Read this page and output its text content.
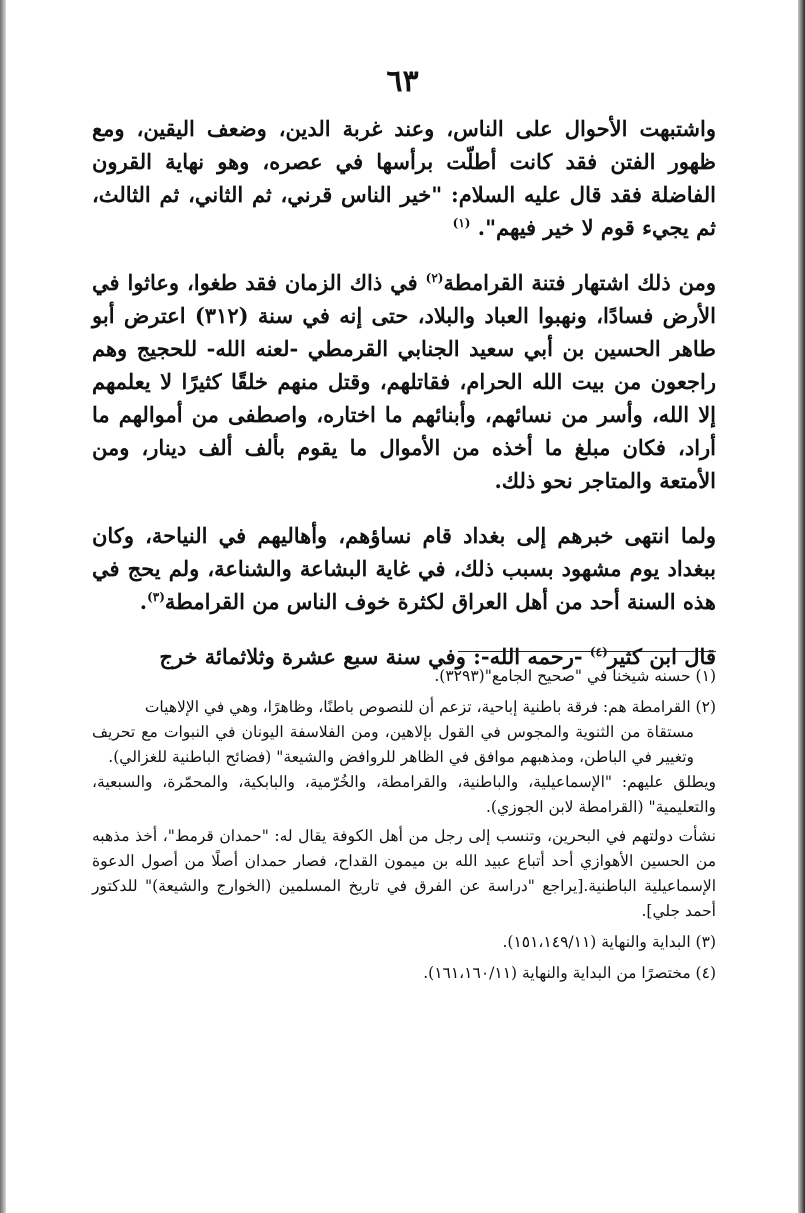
٦٣

واشتبهت الأحوال على الناس، وعند غربة الدين، وضعف اليقين، ومع ظهور الفتن فقد كانت أطلّت برأسها في عصره، وهو نهاية القرون الفاضلة فقد قال عليه السلام: "خير الناس قرني، ثم الثاني، ثم الثالث، ثم يجيء قوم لا خير فيهم". $^{(١)}$

ومن ذلك اشتهار فتنة القرامطة$^{(٢)}$ في ذاك الزمان فقد طغوا، وعاثوا في الأرض فسادًا، ونهبوا العباد والبلاد، حتى إنه في سنة (٣١٢) اعترض أبو طاهر الحسين بن أبي سعيد الجنابي القرمطي -لعنه الله- للحجيج وهم راجعون من بيت الله الحرام، فقاتلهم، وقتل منهم خلقًا كثيرًا لا يعلمهم إلا الله، وأسر من نسائهم، وأبنائهم ما اختاره، واصطفى من أموالهم ما أراد، فكان مبلغ ما أخذه من الأموال ما يقوم بألف ألف دينار، ومن الأمتعة والمتاجر نحو ذلك.

ولما انتهى خبرهم إلى بغداد قام نساؤهم، وأهاليهم في النياحة، وكان ببغداد يوم مشهود بسبب ذلك، في غاية البشاعة والشناعة، ولم يحج في هذه السنة أحد من أهل العراق لكثرة خوف الناس من القرامطة$^{(٣)}$.

قال ابن كثير$^{(٤)}$ -رحمه الله-: وفي سنة سبع عشرة وثلاثمائة خرج

(١) حسنه شيخنا في "صحيح الجامع"(٣٢٩٣).

(٢) القرامطة هم: فرقة باطنية إباحية، تزعم أن للنصوص باطنًا، وظاهرًا، وهي في الإلاهيات
مستقاة من الثنوية والمجوس في القول بإلاهين، ومن الفلاسفة اليونان في النبوات مع تحريف وتغيير في الباطن، ومذهبهم موافق في الظاهر للروافض والشيعة" (فضائح الباطنية للغزالي).
ويطلق عليهم: "الإسماعيلية، والباطنية، والقرامطة، والخُرّمية، والبابكية، والمحمّرة، والسبعية، والتعليمية" (القرامطة لابن الجوزي).
نشأت دولتهم في البحرين، وتنسب إلى رجل من أهل الكوفة يقال له: "حمدان قرمط"، أخذ مذهبه من الحسين الأهوازي أحد أتباع عبيد الله بن ميمون القداح، فصار حمدان أصلًا من أصول الدعوة الإسماعيلية الباطنية.[يراجع "دراسة عن الفرق في تاريخ المسلمين (الخوارج والشيعة)" للدكتور أحمد جلي].

(٣) البداية والنهاية (١٥١،١٤٩/١١).

(٤) مختصرًا من البداية والنهاية (١٦١،١٦٠/١١).
